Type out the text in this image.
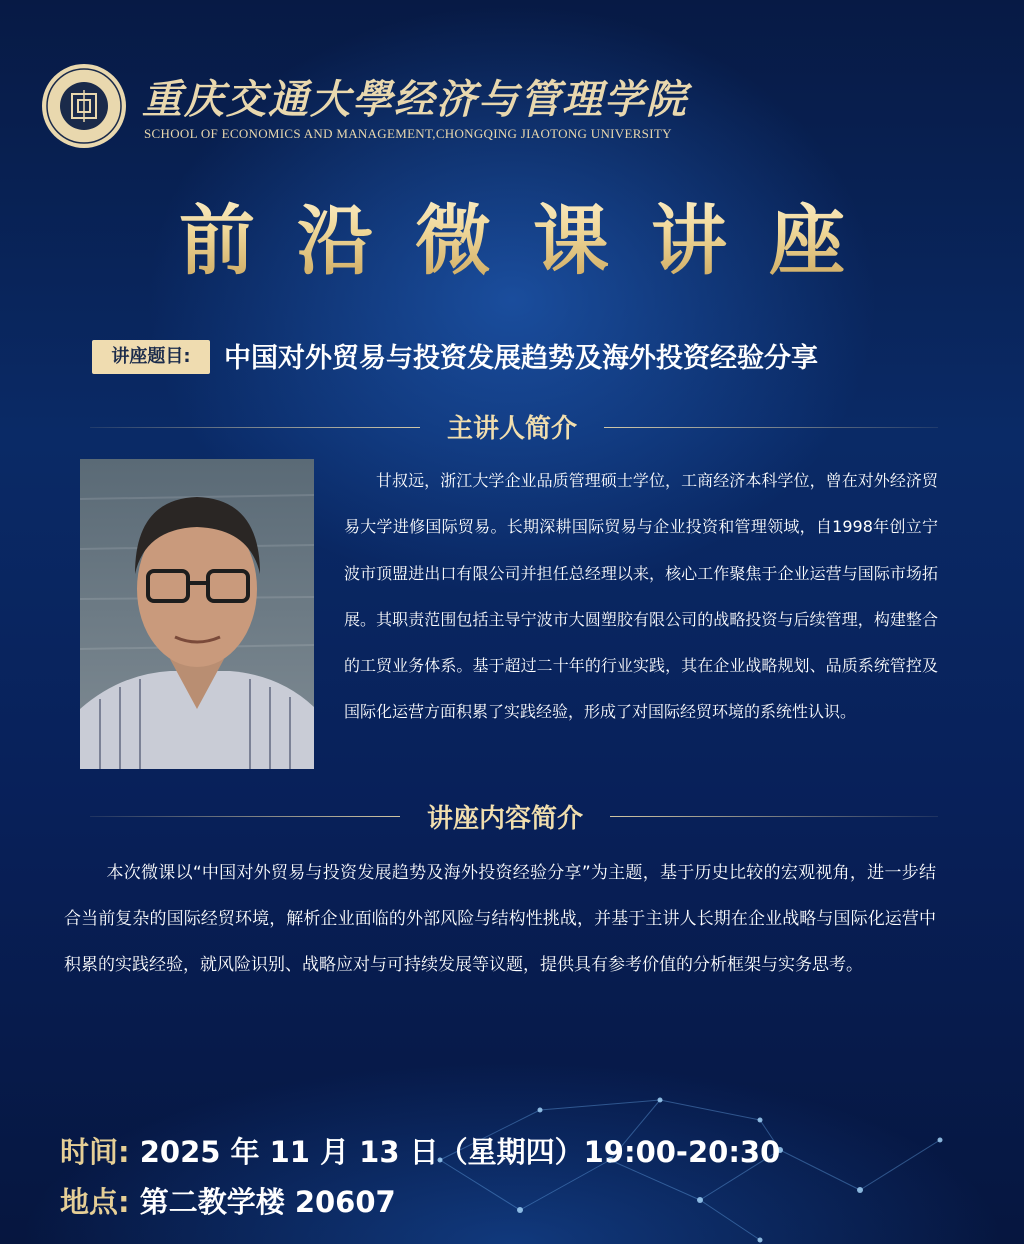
重庆交通大學经济与管理学院
SCHOOL OF ECONOMICS AND MANAGEMENT,CHONGQING JIAOTONG UNIVERSITY
前沿微课讲座
讲座题目:	中国对外贸易与投资发展趋势及海外投资经验分享
主讲人简介
甘叔远，浙江大学企业品质管理硕士学位，工商经济本科学位，曾在对外经济贸易大学进修国际贸易。长期深耕国际贸易与企业投资和管理领域，自1998年创立宁波市顶盟进出口有限公司并担任总经理以来，核心工作聚焦于企业运营与国际市场拓展。其职责范围包括主导宁波市大圆塑胶有限公司的战略投资与后续管理，构建整合的工贸业务体系。基于超过二十年的行业实践，其在企业战略规划、品质系统管控及国际化运营方面积累了实践经验，形成了对国际经贸环境的系统性认识。
讲座内容简介
本次微课以“中国对外贸易与投资发展趋势及海外投资经验分享”为主题，基于历史比较的宏观视角，进一步结合当前复杂的国际经贸环境，解析企业面临的外部风险与结构性挑战，并基于主讲人长期在企业战略与国际化运营中积累的实践经验，就风险识别、战略应对与可持续发展等议题，提供具有参考价值的分析框架与实务思考。
时间: 2025 年 11 月 13 日（星期四）19:00-20:30
地点: 第二教学楼 20607
